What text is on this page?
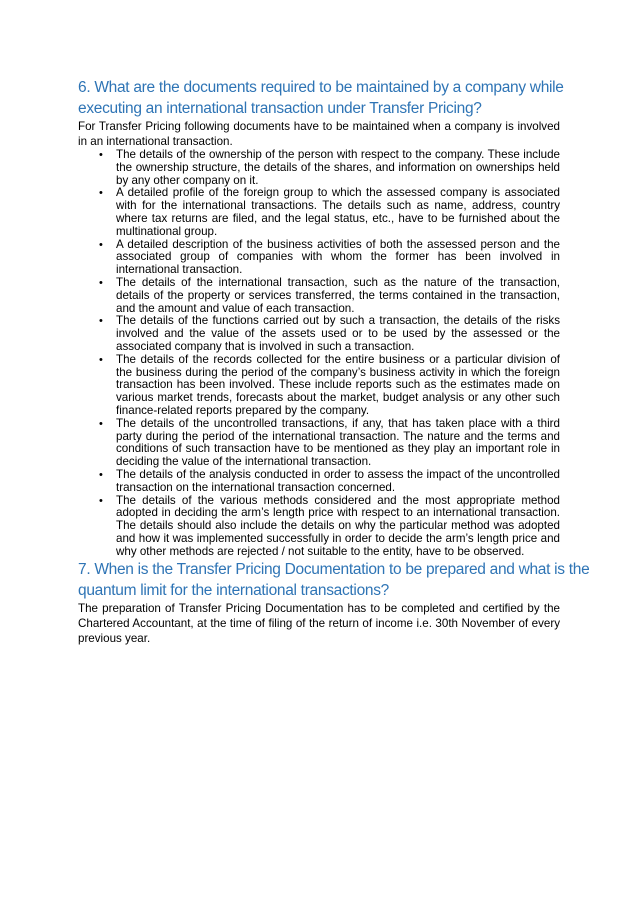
6. What are the documents required to be maintained by a company while
executing an international transaction under Transfer Pricing?

For Transfer Pricing following documents have to be maintained when a company is involved in an international transaction.

• The details of the ownership of the person with respect to the company. These include the ownership structure, the details of the shares, and information on ownerships held by any other company on it.
• A detailed profile of the foreign group to which the assessed company is associated with for the international transactions. The details such as name, address, country where tax returns are filed, and the legal status, etc., have to be furnished about the multinational group.
• A detailed description of the business activities of both the assessed person and the associated group of companies with whom the former has been involved in international transaction.
• The details of the international transaction, such as the nature of the transaction, details of the property or services transferred, the terms contained in the transaction, and the amount and value of each transaction.
• The details of the functions carried out by such a transaction, the details of the risks involved and the value of the assets used or to be used by the assessed or the associated company that is involved in such a transaction.
• The details of the records collected for the entire business or a particular division of the business during the period of the company’s business activity in which the foreign transaction has been involved. These include reports such as the estimates made on various market trends, forecasts about the market, budget analysis or any other such finance-related reports prepared by the company.
• The details of the uncontrolled transactions, if any, that has taken place with a third party during the period of the international transaction. The nature and the terms and conditions of such transaction have to be mentioned as they play an important role in deciding the value of the international transaction.
• The details of the analysis conducted in order to assess the impact of the uncontrolled transaction on the international transaction concerned.
• The details of the various methods considered and the most appropriate method adopted in deciding the arm’s length price with respect to an international transaction. The details should also include the details on why the particular method was adopted and how it was implemented successfully in order to decide the arm’s length price and why other methods are rejected / not suitable to the entity, have to be observed.
7. When is the Transfer Pricing Documentation to be prepared and what is the
quantum limit for the international transactions?

The preparation of Transfer Pricing Documentation has to be completed and certified by the Chartered Accountant, at the time of filing of the return of income i.e. 30th November of every previous year.
